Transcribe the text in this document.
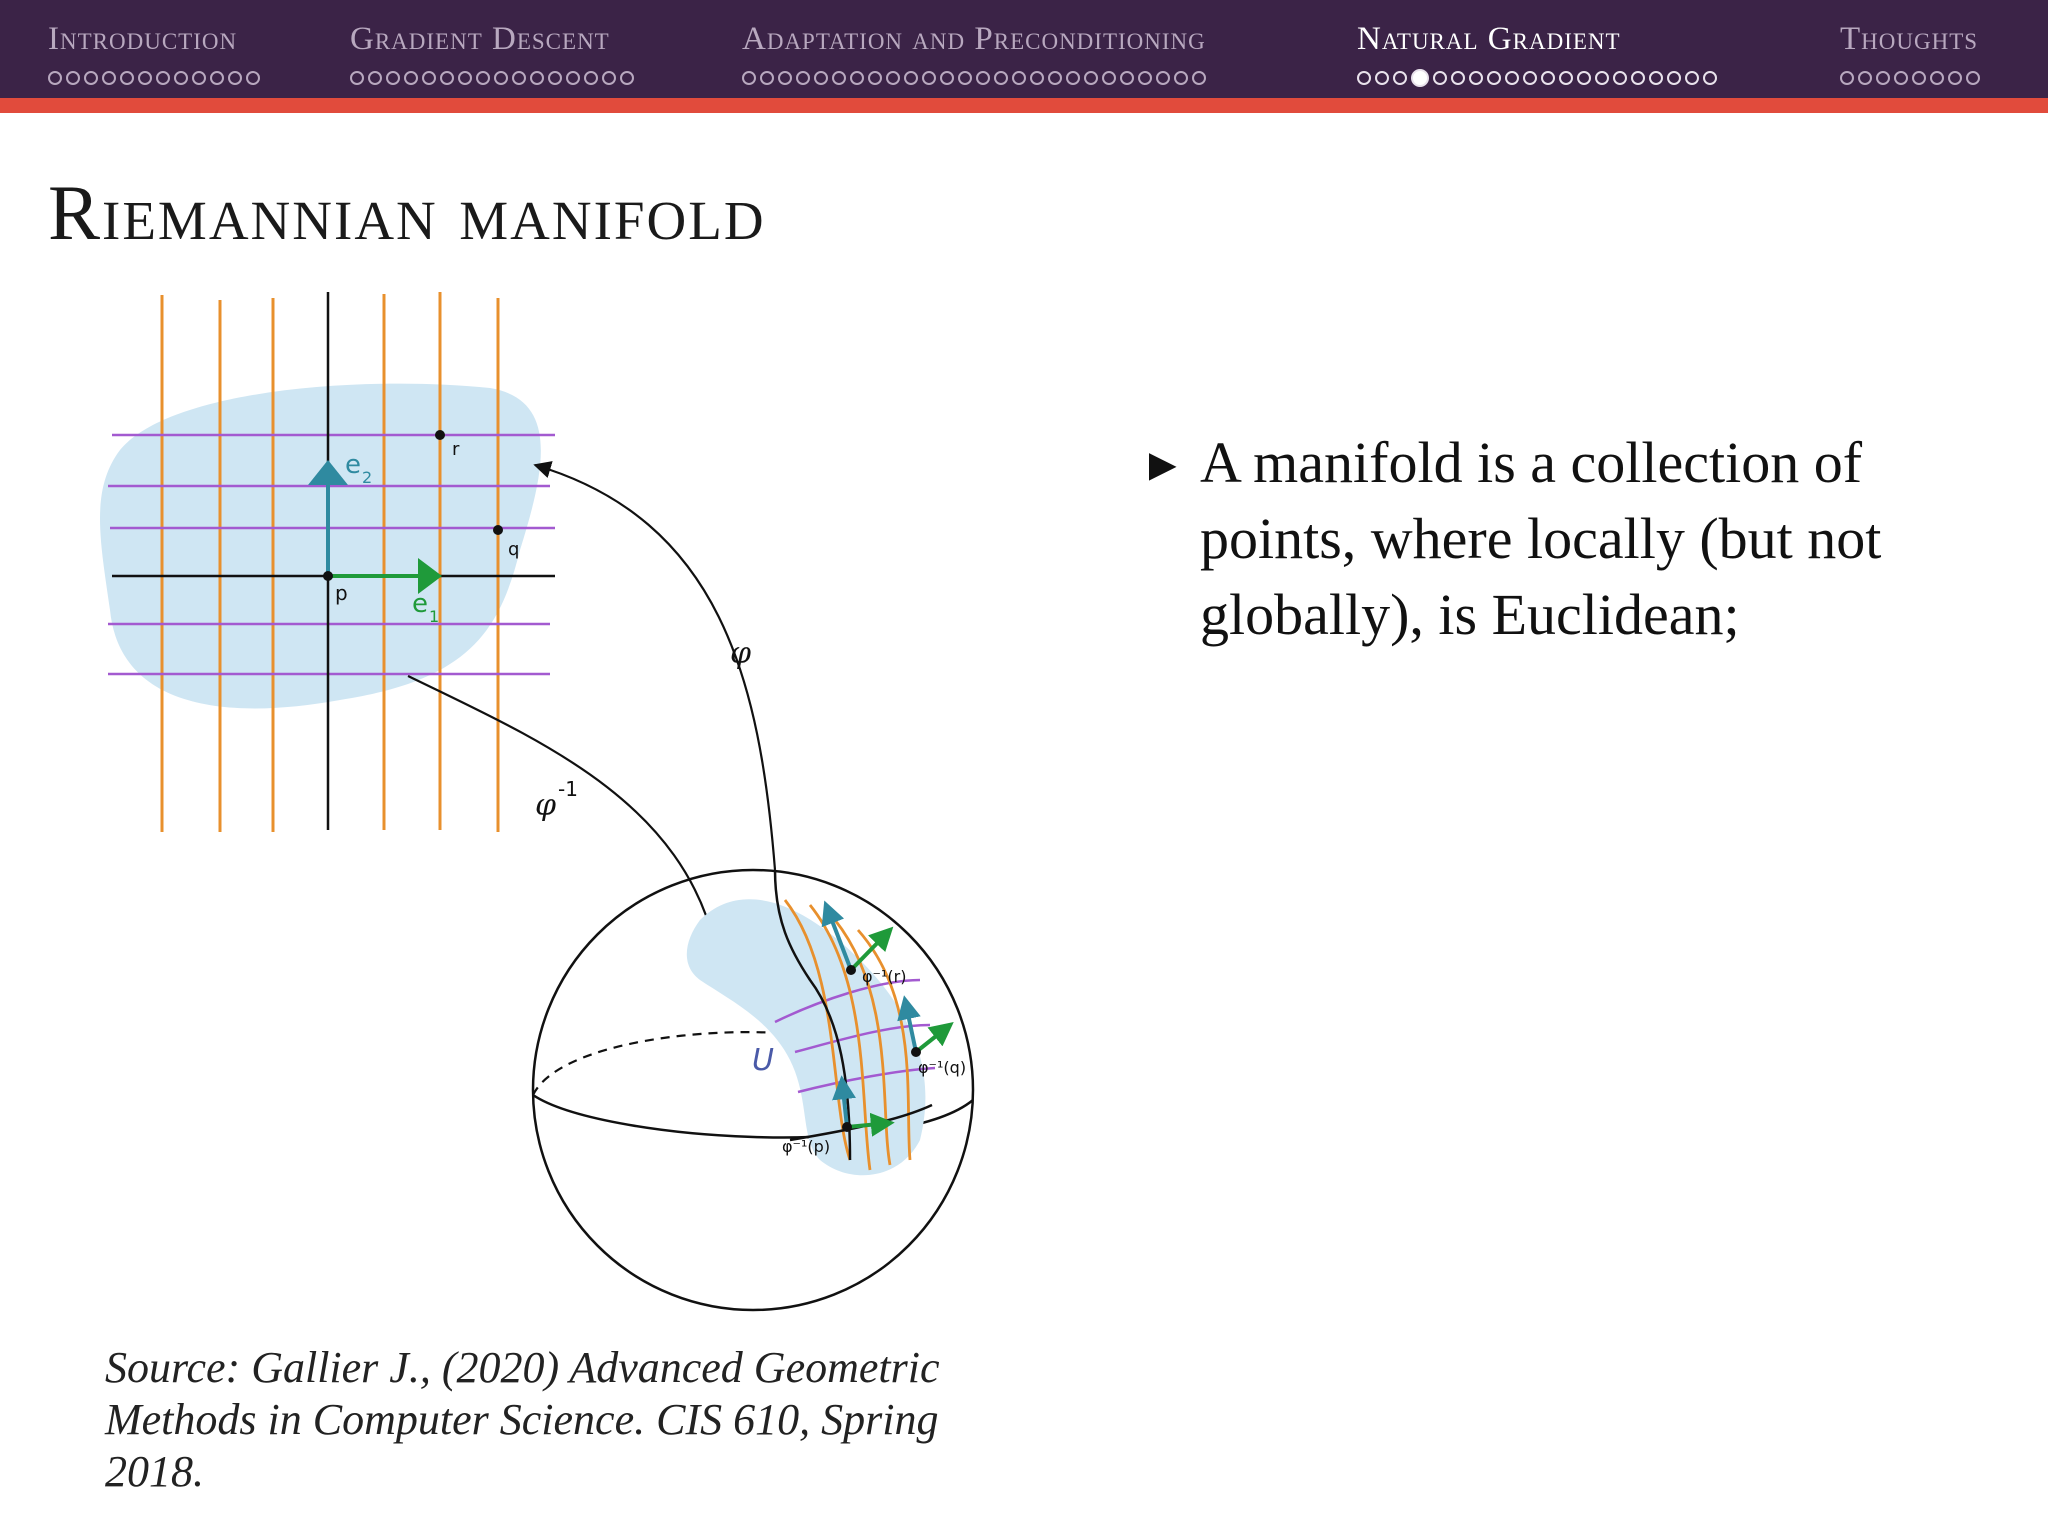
Introduction	Gradient Descent	Adaptation and Preconditioning	Natural Gradient	Thoughts
Riemannian manifold
r
q
p
e 2
e 1
φ
φ -1
U
φ⁻¹(r)
φ⁻¹(q)
φ⁻¹(p)
► A manifold is a collection of points, where locally (but not globally), is Euclidean;
Source: Gallier J., (2020) Advanced Geometric
Methods in Computer Science. CIS 610, Spring 2018.
